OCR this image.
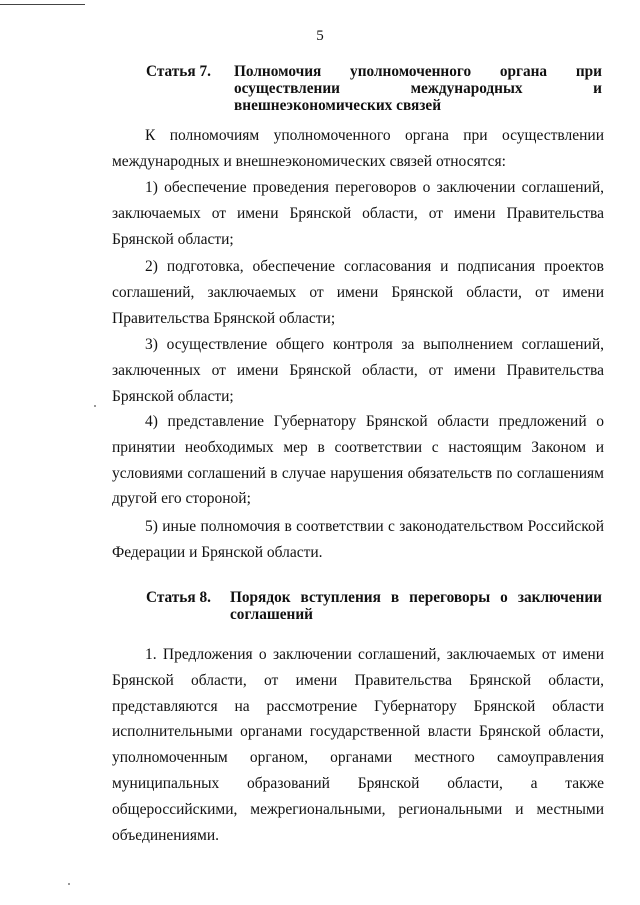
5
Статья 7. Полномочия уполномоченного органа при осуществлении международных и внешнеэкономических связей

К полномочиям уполномоченного органа при осуществлении международных и внешнеэкономических связей относятся:

1) обеспечение проведения переговоров о заключении соглашений, заключаемых от имени Брянской области, от имени Правительства Брянской области;

2) подготовка, обеспечение согласования и подписания проектов соглашений, заключаемых от имени Брянской области, от имени Правительства Брянской области;

3) осуществление общего контроля за выполнением соглашений, заключенных от имени Брянской области, от имени Правительства Брянской области;

4) представление Губернатору Брянской области предложений о принятии необходимых мер в соответствии с настоящим Законом и условиями соглашений в случае нарушения обязательств по соглашениям другой его стороной;

5) иные полномочия в соответствии с законодательством Российской Федерации и Брянской области.

Статья 8. Порядок вступления в переговоры о заключении соглашений

1. Предложения о заключении соглашений, заключаемых от имени Брянской области, от имени Правительства Брянской области, представляются на рассмотрение Губернатору Брянской области исполнительными органами государственной власти Брянской области, уполномоченным органом, органами местного самоуправления муниципальных образований Брянской области, а также общероссийскими, межрегиональными, региональными и местными объединениями.
